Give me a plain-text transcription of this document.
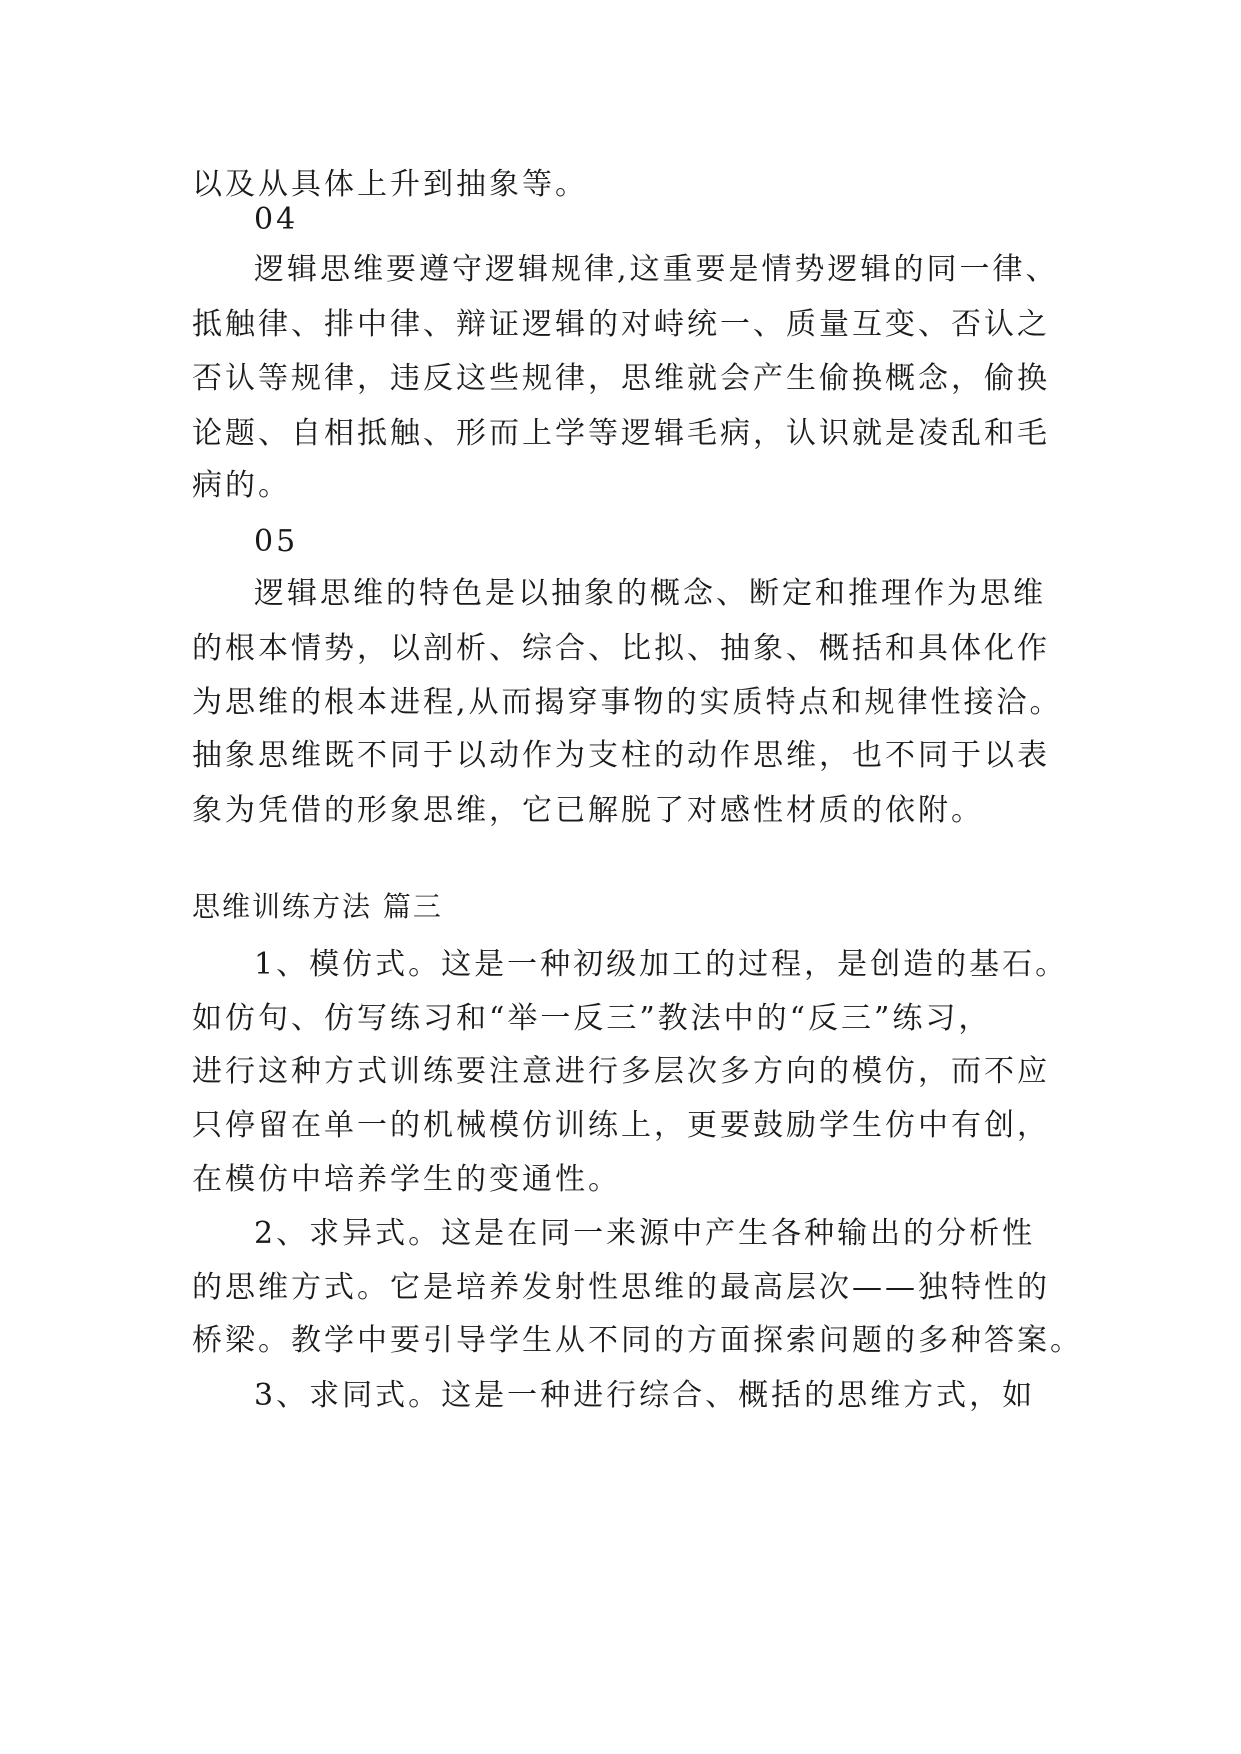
以及从具体上升到抽象等。
04
逻辑思维要遵守逻辑规律,这重要是情势逻辑的同一律、
抵触律、排中律、辩证逻辑的对峙统一、质量互变、否认之
否认等规律，违反这些规律，思维就会产生偷换概念，偷换
论题、自相抵触、形而上学等逻辑毛病，认识就是凌乱和毛
病的。
05
逻辑思维的特色是以抽象的概念、断定和推理作为思维
的根本情势，以剖析、综合、比拟、抽象、概括和具体化作
为思维的根本进程,从而揭穿事物的实质特点和规律性接洽。
抽象思维既不同于以动作为支柱的动作思维，也不同于以表
象为凭借的形象思维，它已解脱了对感性材质的依附。
思维训练方法 篇三
1、模仿式。这是一种初级加工的过程，是创造的基石。
如仿句、仿写练习和“举一反三”教法中的“反三”练习，
进行这种方式训练要注意进行多层次多方向的模仿，而不应
只停留在单一的机械模仿训练上，更要鼓励学生仿中有创，
在模仿中培养学生的变通性。
2、求异式。这是在同一来源中产生各种输出的分析性
的思维方式。它是培养发射性思维的最高层次——独特性的
桥梁。教学中要引导学生从不同的方面探索问题的多种答案。
3、求同式。这是一种进行综合、概括的思维方式，如
